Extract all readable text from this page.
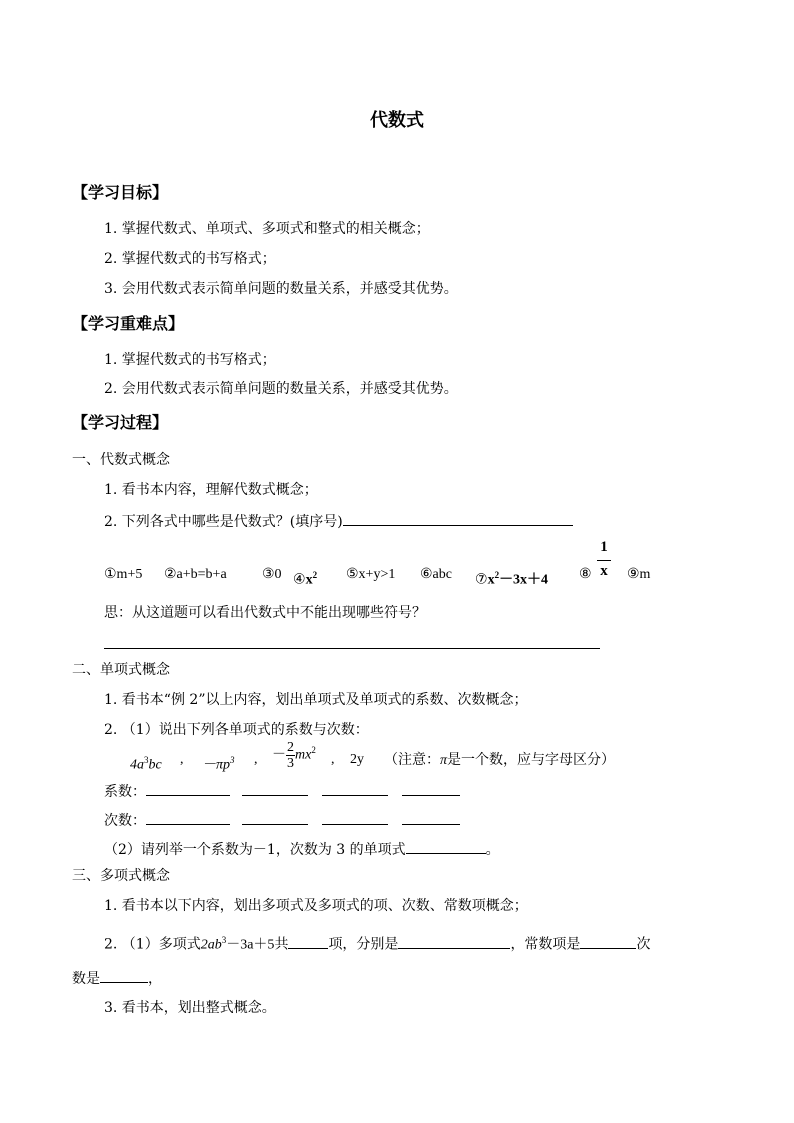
代数式
【学习目标】
1. 掌握代数式、单项式、多项式和整式的相关概念；
2. 掌握代数式的书写格式；
3. 会用代数式表示简单问题的数量关系，并感受其优势。
【学习重难点】
1. 掌握代数式的书写格式；
2. 会用代数式表示简单问题的数量关系，并感受其优势。
【学习过程】
一、代数式概念
1. 看书本内容，理解代数式概念；
2. 下列各式中哪些是代数式？(填序号)
①m+5 ②a+b=b+a	③0 $④x^2$ ⑤x+y>1 ⑥abc $⑦x^2-3x+4$ ⑧ $\frac{1}{x}$ ⑨m
思：从这道题可以看出代数式中不能出现哪些符号？
二、单项式概念
1. 看书本“例 2”以上内容，划出单项式及单项式的系数、次数概念；
2. （1）说出下列各单项式的系数与次数：
$4a^3bc$ , $-\pi p^3$ , － $\frac{2}{3} mx^2$
, 2y （注意：π是一个数，应与字母区分）
系数：
次数：
（2）请列举一个系数为－1，次数为 3 的单项式	。
三、多项式概念
1. 看书本以下内容，划出多项式及多项式的项、次数、常数项概念；
2. （1）多项式$2ab^3-3a+5$共	项，分别是	，常数项是	次
数是	，
3. 看书本，划出整式概念。
